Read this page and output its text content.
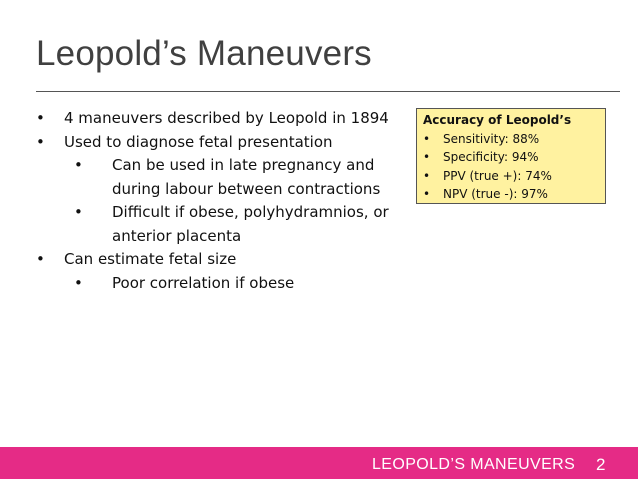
Leopold’s Maneuvers
•	4 maneuvers described by Leopold in 1894
•	Used to diagnose fetal presentation
•	Can be used in late pregnancy and during labour between contractions
•	Difficult if obese, polyhydramnios, or anterior placenta
•	Can estimate fetal size
•	Poor correlation if obese
Accuracy of Leopold’s
•	Sensitivity: 88%
•	Specificity: 94%
•	PPV (true +): 74%
•	NPV (true -): 97%
LEOPOLD’S MANEUVERS 2
